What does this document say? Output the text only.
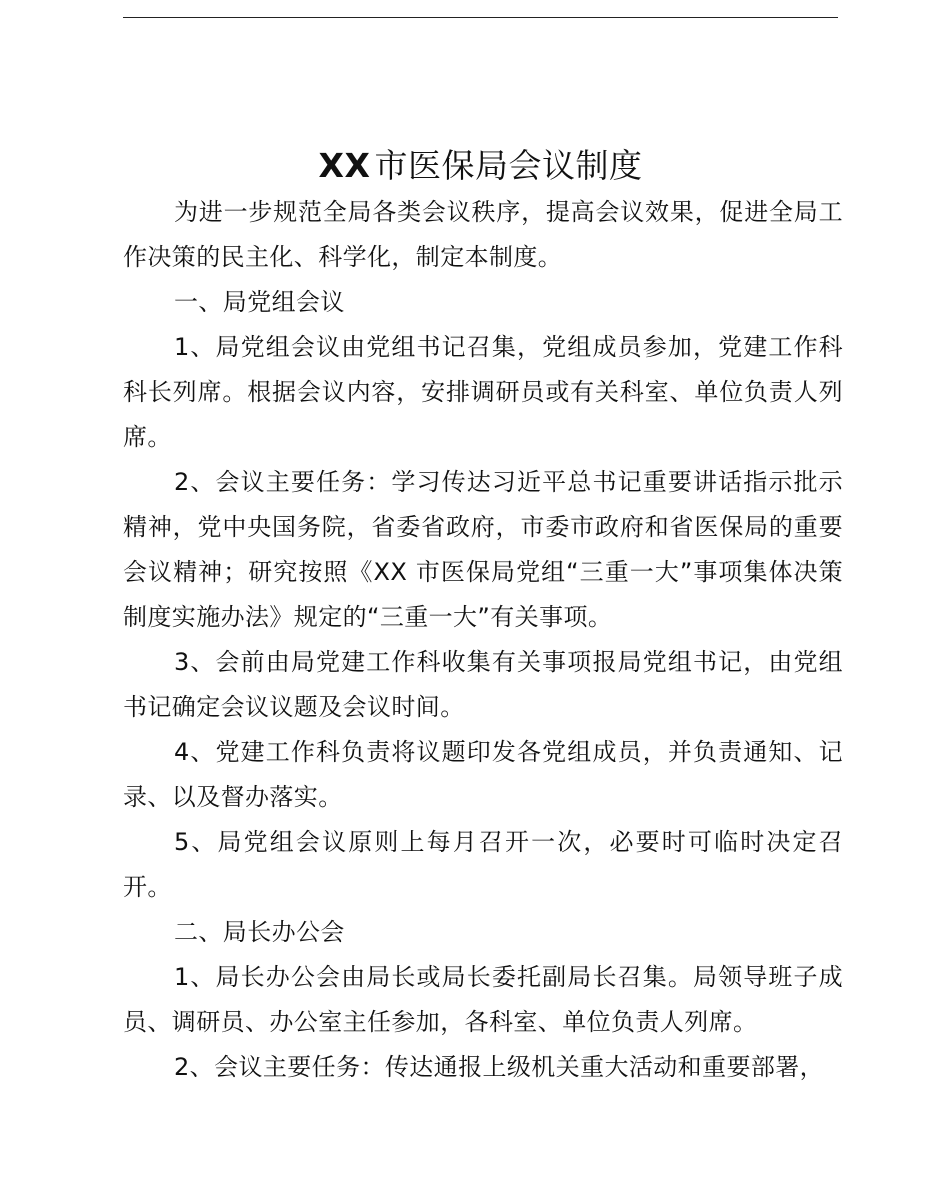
XX 市医保局会议制度

为进一步规范全局各类会议秩序，提高会议效果，促进全局工作决策的民主化、科学化，制定本制度。

一、局党组会议

1、局党组会议由党组书记召集，党组成员参加，党建工作科科长列席。根据会议内容，安排调研员或有关科室、单位负责人列席。

2、会议主要任务：学习传达习近平总书记重要讲话指示批示精神，党中央国务院，省委省政府，市委市政府和省医保局的重要会议精神；研究按照《XX 市医保局党组“三重一大”事项集体决策制度实施办法》规定的“三重一大”有关事项。

3、会前由局党建工作科收集有关事项报局党组书记，由党组书记确定会议议题及会议时间。

4、党建工作科负责将议题印发各党组成员，并负责通知、记录、以及督办落实。

5、局党组会议原则上每月召开一次，必要时可临时决定召开。

二、局长办公会

1、局长办公会由局长或局长委托副局长召集。局领导班子成员、调研员、办公室主任参加，各科室、单位负责人列席。

2、会议主要任务：传达通报上级机关重大活动和重要部署，
